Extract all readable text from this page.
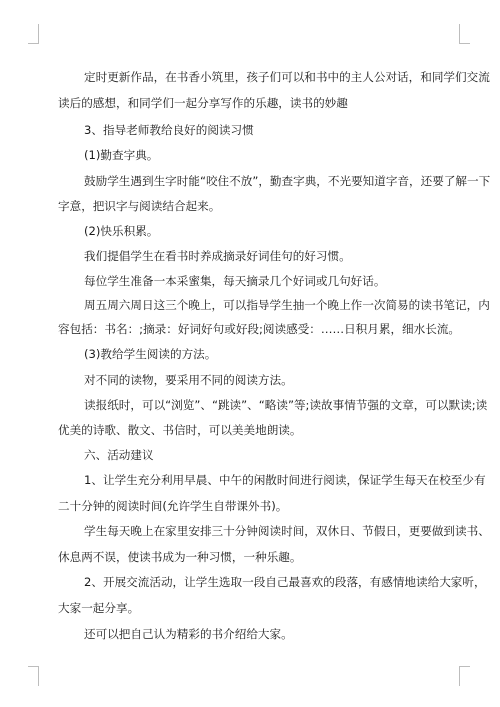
定时更新作品，在书香小筑里，孩子们可以和书中的主人公对话，和同学们交流
读后的感想，和同学们一起分享写作的乐趣，读书的妙趣
3、指导老师教给良好的阅读习惯
(1)勤查字典。
鼓励学生遇到生字时能“咬住不放”，勤查字典，不光要知道字音，还要了解一下
字意，把识字与阅读结合起来。
(2)快乐积累。
我们提倡学生在看书时养成摘录好词佳句的好习惯。
每位学生准备一本采蜜集，每天摘录几个好词或几句好话。
周五周六周日这三个晚上，可以指导学生抽一个晚上作一次简易的读书笔记，内
容包括：书名：;摘录：好词好句或好段;阅读感受：……日积月累，细水长流。
(3)教给学生阅读的方法。
对不同的读物，要采用不同的阅读方法。
读报纸时，可以“浏览”、“跳读”、“略读”等;读故事情节强的文章，可以默读;读
优美的诗歌、散文、书信时，可以美美地朗读。
六、活动建议
1、让学生充分利用早晨、中午的闲散时间进行阅读，保证学生每天在校至少有
二十分钟的阅读时间(允许学生自带课外书)。
学生每天晚上在家里安排三十分钟阅读时间，双休日、节假日，更要做到读书、
休息两不误，使读书成为一种习惯，一种乐趣。
2、开展交流活动，让学生选取一段自己最喜欢的段落，有感情地读给大家听，
大家一起分享。
还可以把自己认为精彩的书介绍给大家。
